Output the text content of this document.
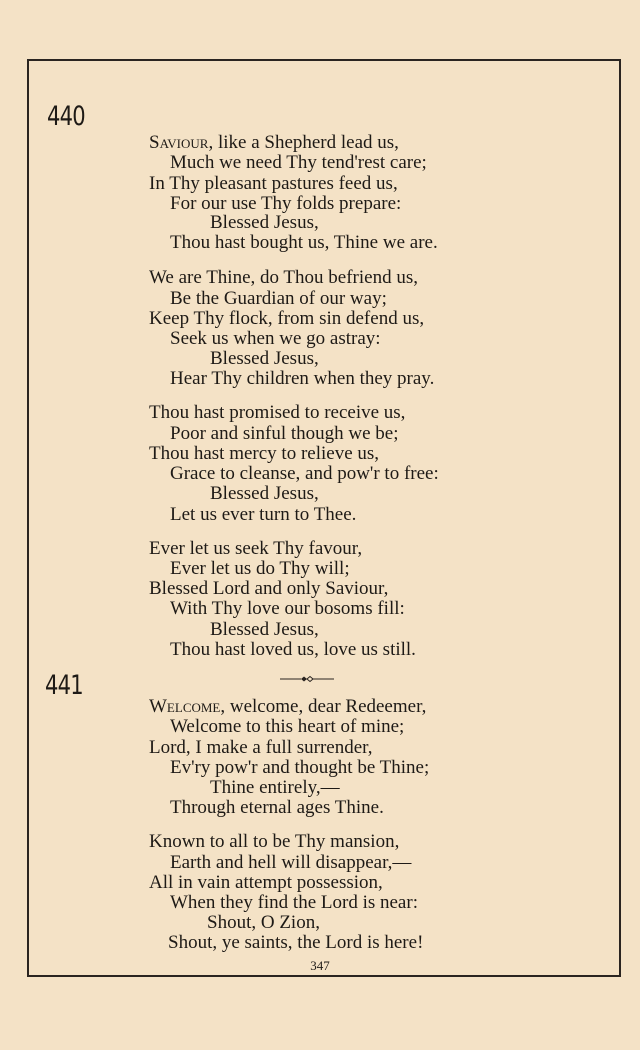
440
Saviour, like a Shepherd lead us,
Much we need Thy tend'rest care;
In Thy pleasant pastures feed us,
For our use Thy folds prepare:
Blessed Jesus,
Thou hast bought us, Thine we are.
We are Thine, do Thou befriend us,
Be the Guardian of our way;
Keep Thy flock, from sin defend us,
Seek us when we go astray:
Blessed Jesus,
Hear Thy children when they pray.
Thou hast promised to receive us,
Poor and sinful though we be;
Thou hast mercy to relieve us,
Grace to cleanse, and pow'r to free:
Blessed Jesus,
Let us ever turn to Thee.
Ever let us seek Thy favour,
Ever let us do Thy will;
Blessed Lord and only Saviour,
With Thy love our bosoms fill:
Blessed Jesus,
Thou hast loved us, love us still.
441
Welcome, welcome, dear Redeemer,
Welcome to this heart of mine;
Lord, I make a full surrender,
Ev'ry pow'r and thought be Thine;
Thine entirely,—
Through eternal ages Thine.
Known to all to be Thy mansion,
Earth and hell will disappear,—
All in vain attempt possession,
When they find the Lord is near:
Shout, O Zion,
Shout, ye saints, the Lord is here!
347
